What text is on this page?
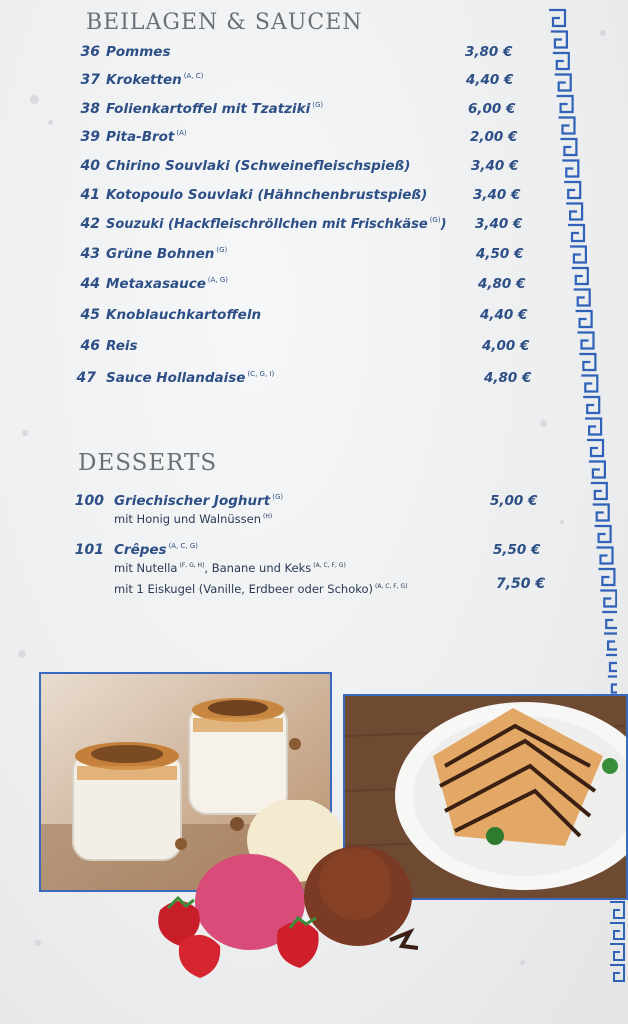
BEILAGEN & SAUCEN
36 Pommes	3,80 €
37 Kroketten $^{(A, C)}$	4,40 €
38 Folienkartoffel mit Tzatziki $^{(G)}$	6,00 €
39 Pita-Brot $^{(A)}$	2,00 €
40 Chirino Souvlaki (Schweinefleischspieß)	3,40 €
41 Kotopoulo Souvlaki (Hähnchenbrustspieß)	3,40 €
42 Souzuki (Hackfleischröllchen mit Frischkäse $^{(G)}$) 3,40 €
43 Grüne Bohnen $^{(G)}$	4,50 €
44 Metaxasauce $^{(A, G)}$	4,80 €
45 Knoblauchkartoffeln	4,40 €
46 Reis	4,00 €
47 Sauce Hollandaise $^{(C, G, I)}$	4,80 €
DESSERTS
100 Griechischer Joghurt $^{(G)}$	5,00 €
mit Honig und Walnüssen $^{(H)}$
101 Crêpes $^{(A, C, G)}$	5,50 €
mit Nutella $^{(F, G, H)}$, Banane und Keks $^{(A, C, F, G)}$
mit 1 Eiskugel (Vanille, Erdbeer oder Schoko) $^{(A, C, F, G)}$	7,50 €
